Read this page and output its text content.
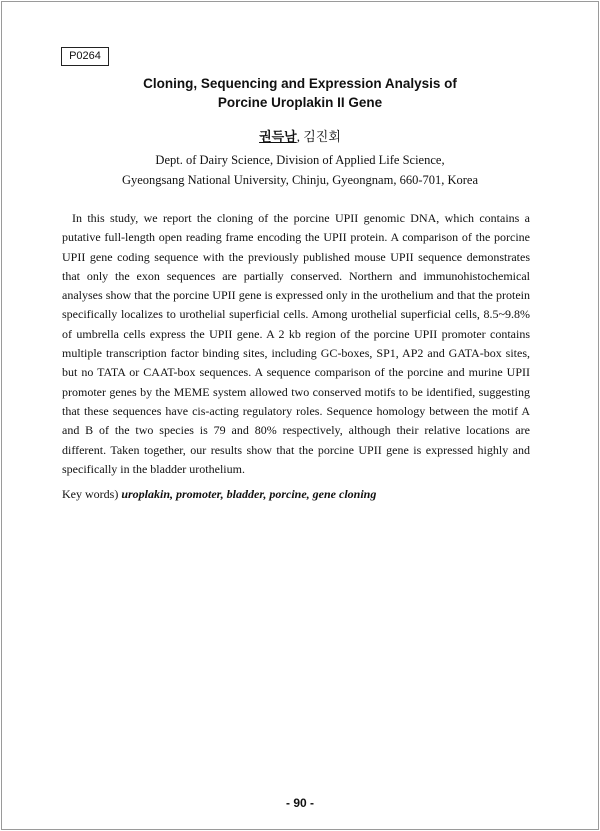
P0264
Cloning, Sequencing and Expression Analysis of
Porcine Uroplakin II Gene
권득남, 김진회
Dept. of Dairy Science, Division of Applied Life Science,
Gyeongsang National University, Chinju, Gyeongnam, 660-701, Korea

In this study, we report the cloning of the porcine UPII genomic DNA, which contains a putative full-length open reading frame encoding the UPII protein. A comparison of the porcine UPII gene coding sequence with the previously published mouse UPII sequence demonstrates that only the exon sequences are partially conserved. Northern and immunohistochemical analyses show that the porcine UPII gene is expressed only in the urothelium and that the protein specifically localizes to urothelial superficial cells. Among urothelial superficial cells, 8.5~9.8% of umbrella cells express the UPII gene. A 2 kb region of the porcine UPII promoter contains multiple transcription factor binding sites, including GC-boxes, SP1, AP2 and GATA-box sites, but no TATA or CAAT-box sequences. A sequence comparison of the porcine and murine UPII promoter genes by the MEME system allowed two conserved motifs to be identified, suggesting that these sequences have cis-acting regulatory roles. Sequence homology between the motif A and B of the two species is 79 and 80% respectively, although their relative locations are different. Taken together, our results show that the porcine UPII gene is expressed highly and specifically in the bladder urothelium.

Key words) uroplakin, promoter, bladder, porcine, gene cloning

- 90 -
